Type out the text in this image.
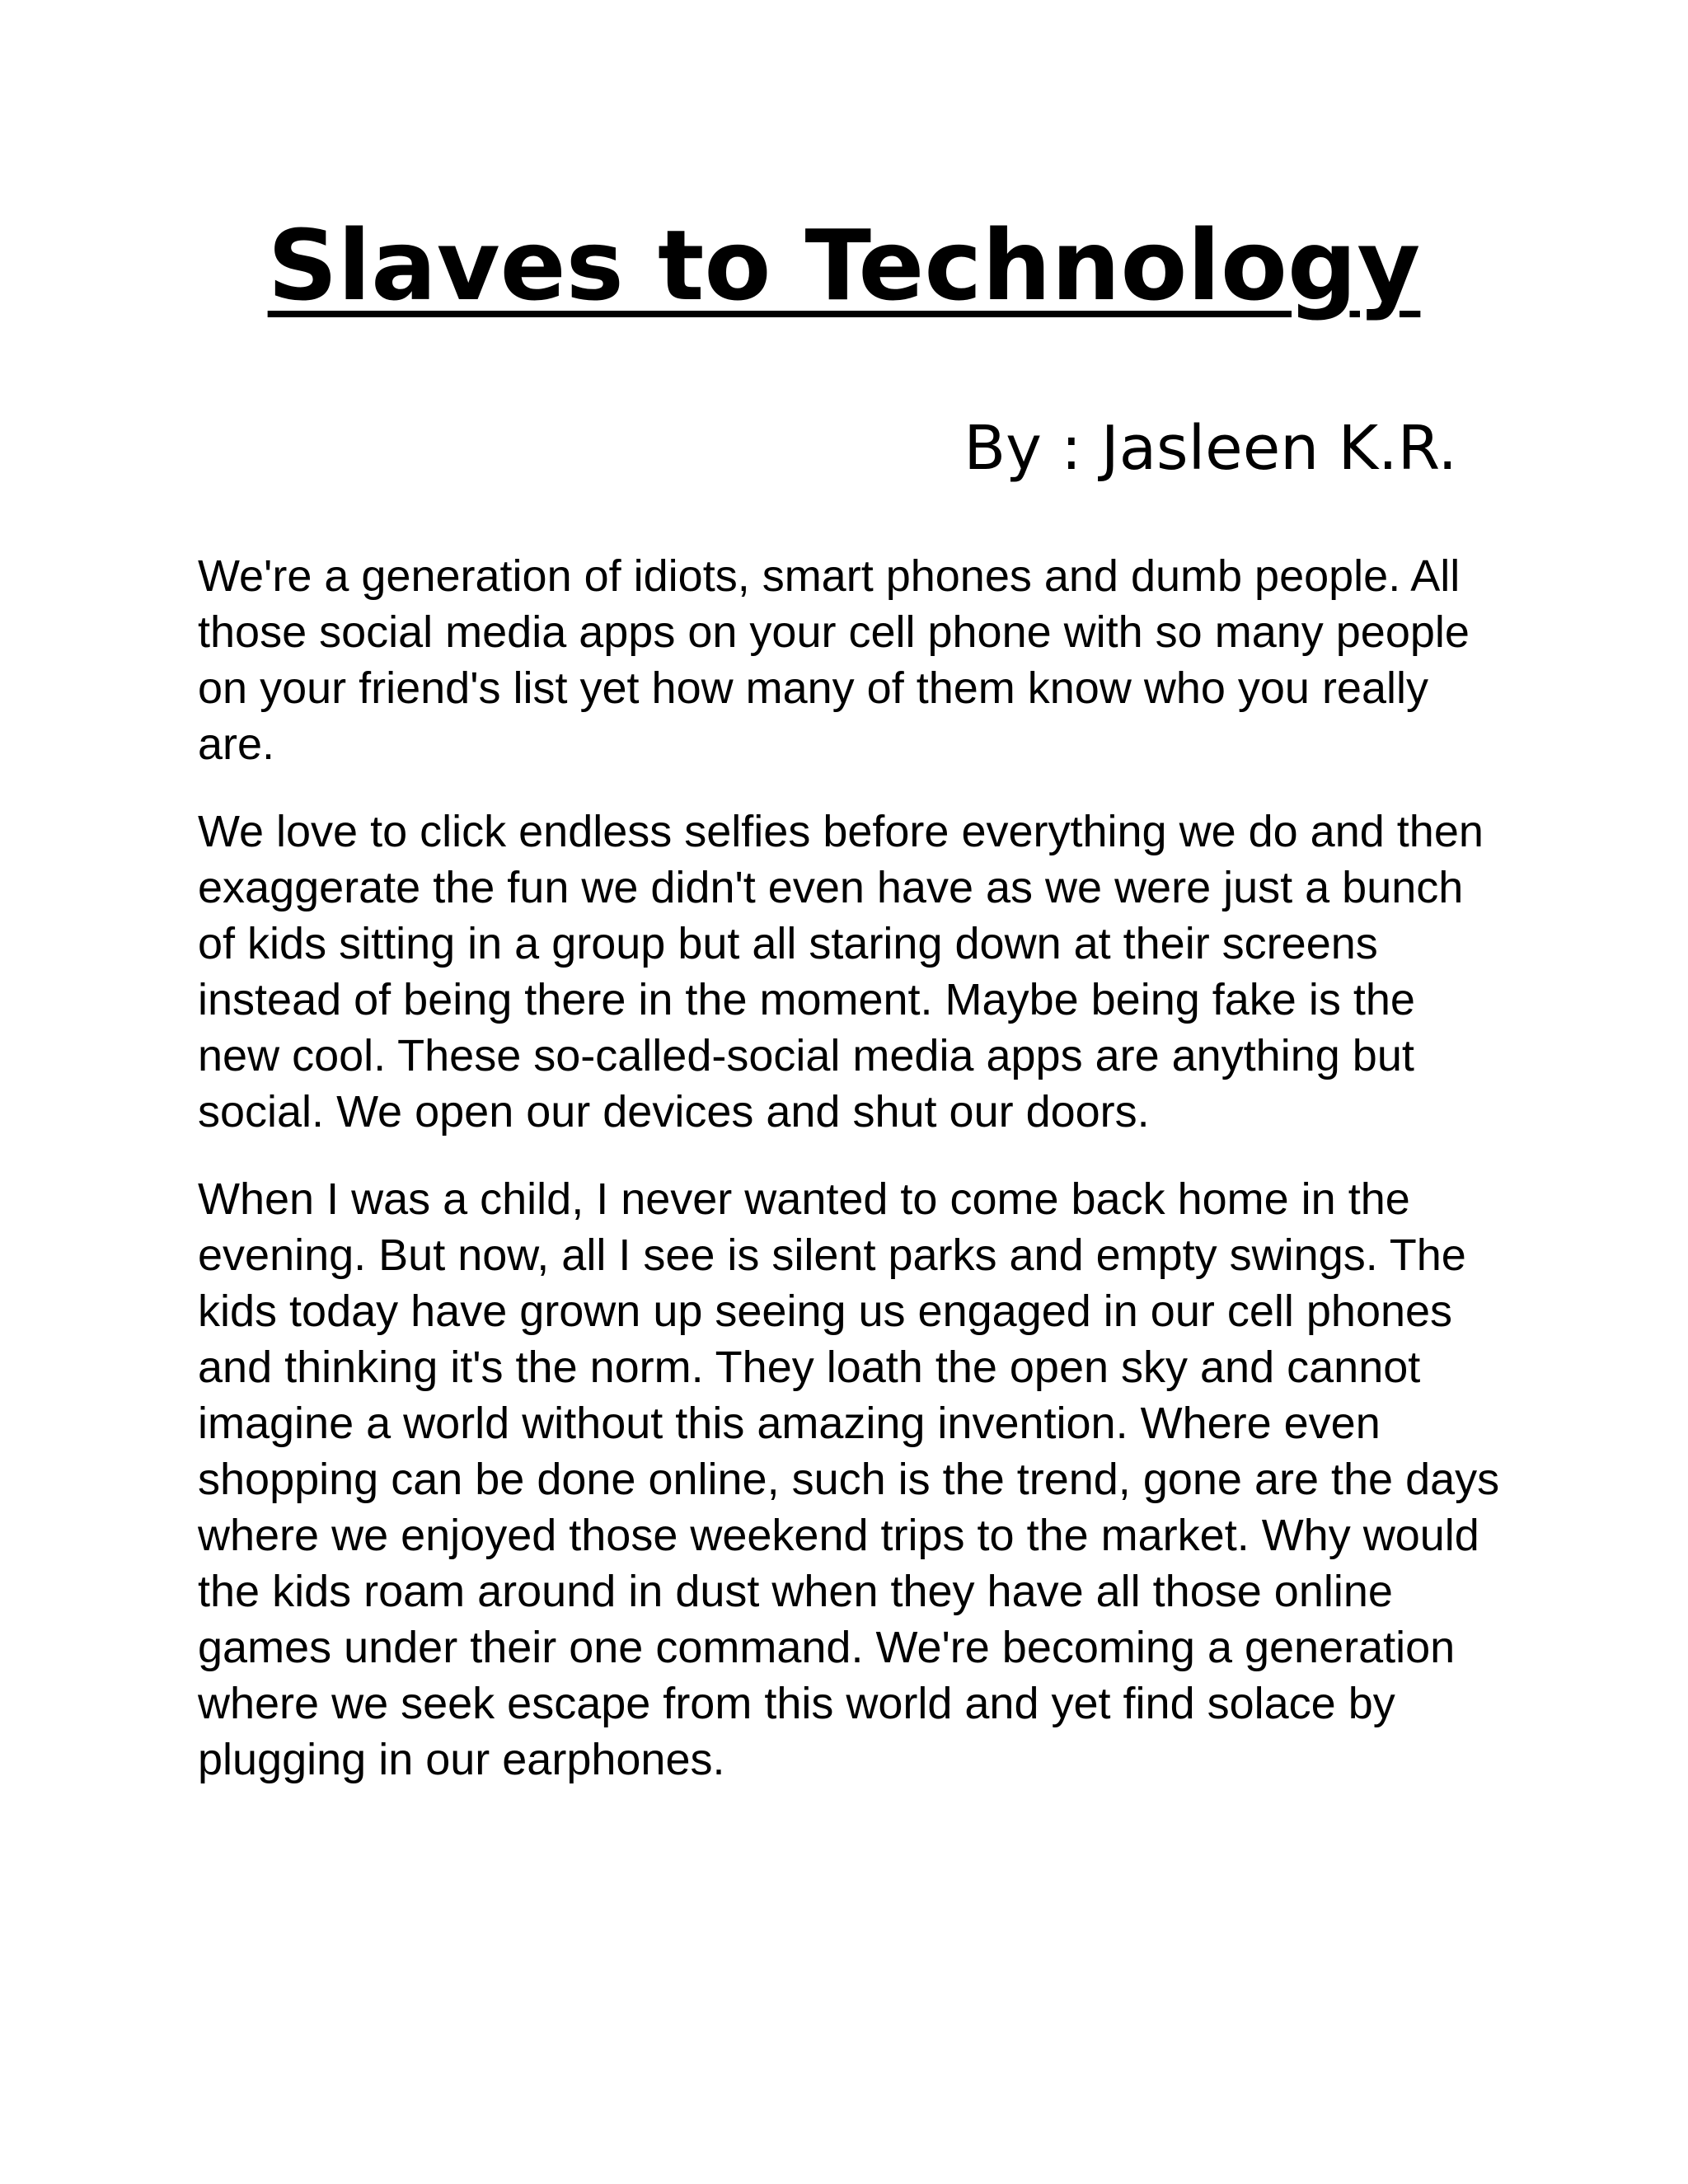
Slaves to Technology
By : Jasleen K.R.

We're a generation of idiots, smart phones and dumb people. All those social media apps on your cell phone with so many people on your friend's list yet how many of them know who you really are.

We love to click endless selfies before everything we do and then exaggerate the fun we didn't even have as we were just a bunch of kids sitting in a group but all staring down at their screens instead of being there in the moment. Maybe being fake is the new cool. These so-called-social media apps are anything but social. We open our devices and shut our doors.

When I was a child, I never wanted to come back home in the evening. But now, all I see is silent parks and empty swings. The kids today have grown up seeing us engaged in our cell phones and thinking it's the norm. They loath the open sky and cannot imagine a world without this amazing invention. Where even shopping can be done online, such is the trend, gone are the days where we enjoyed those weekend trips to the market. Why would the kids roam around in dust when they have all those online games under their one command. We're becoming a generation where we seek escape from this world and yet find solace by plugging in our earphones.
